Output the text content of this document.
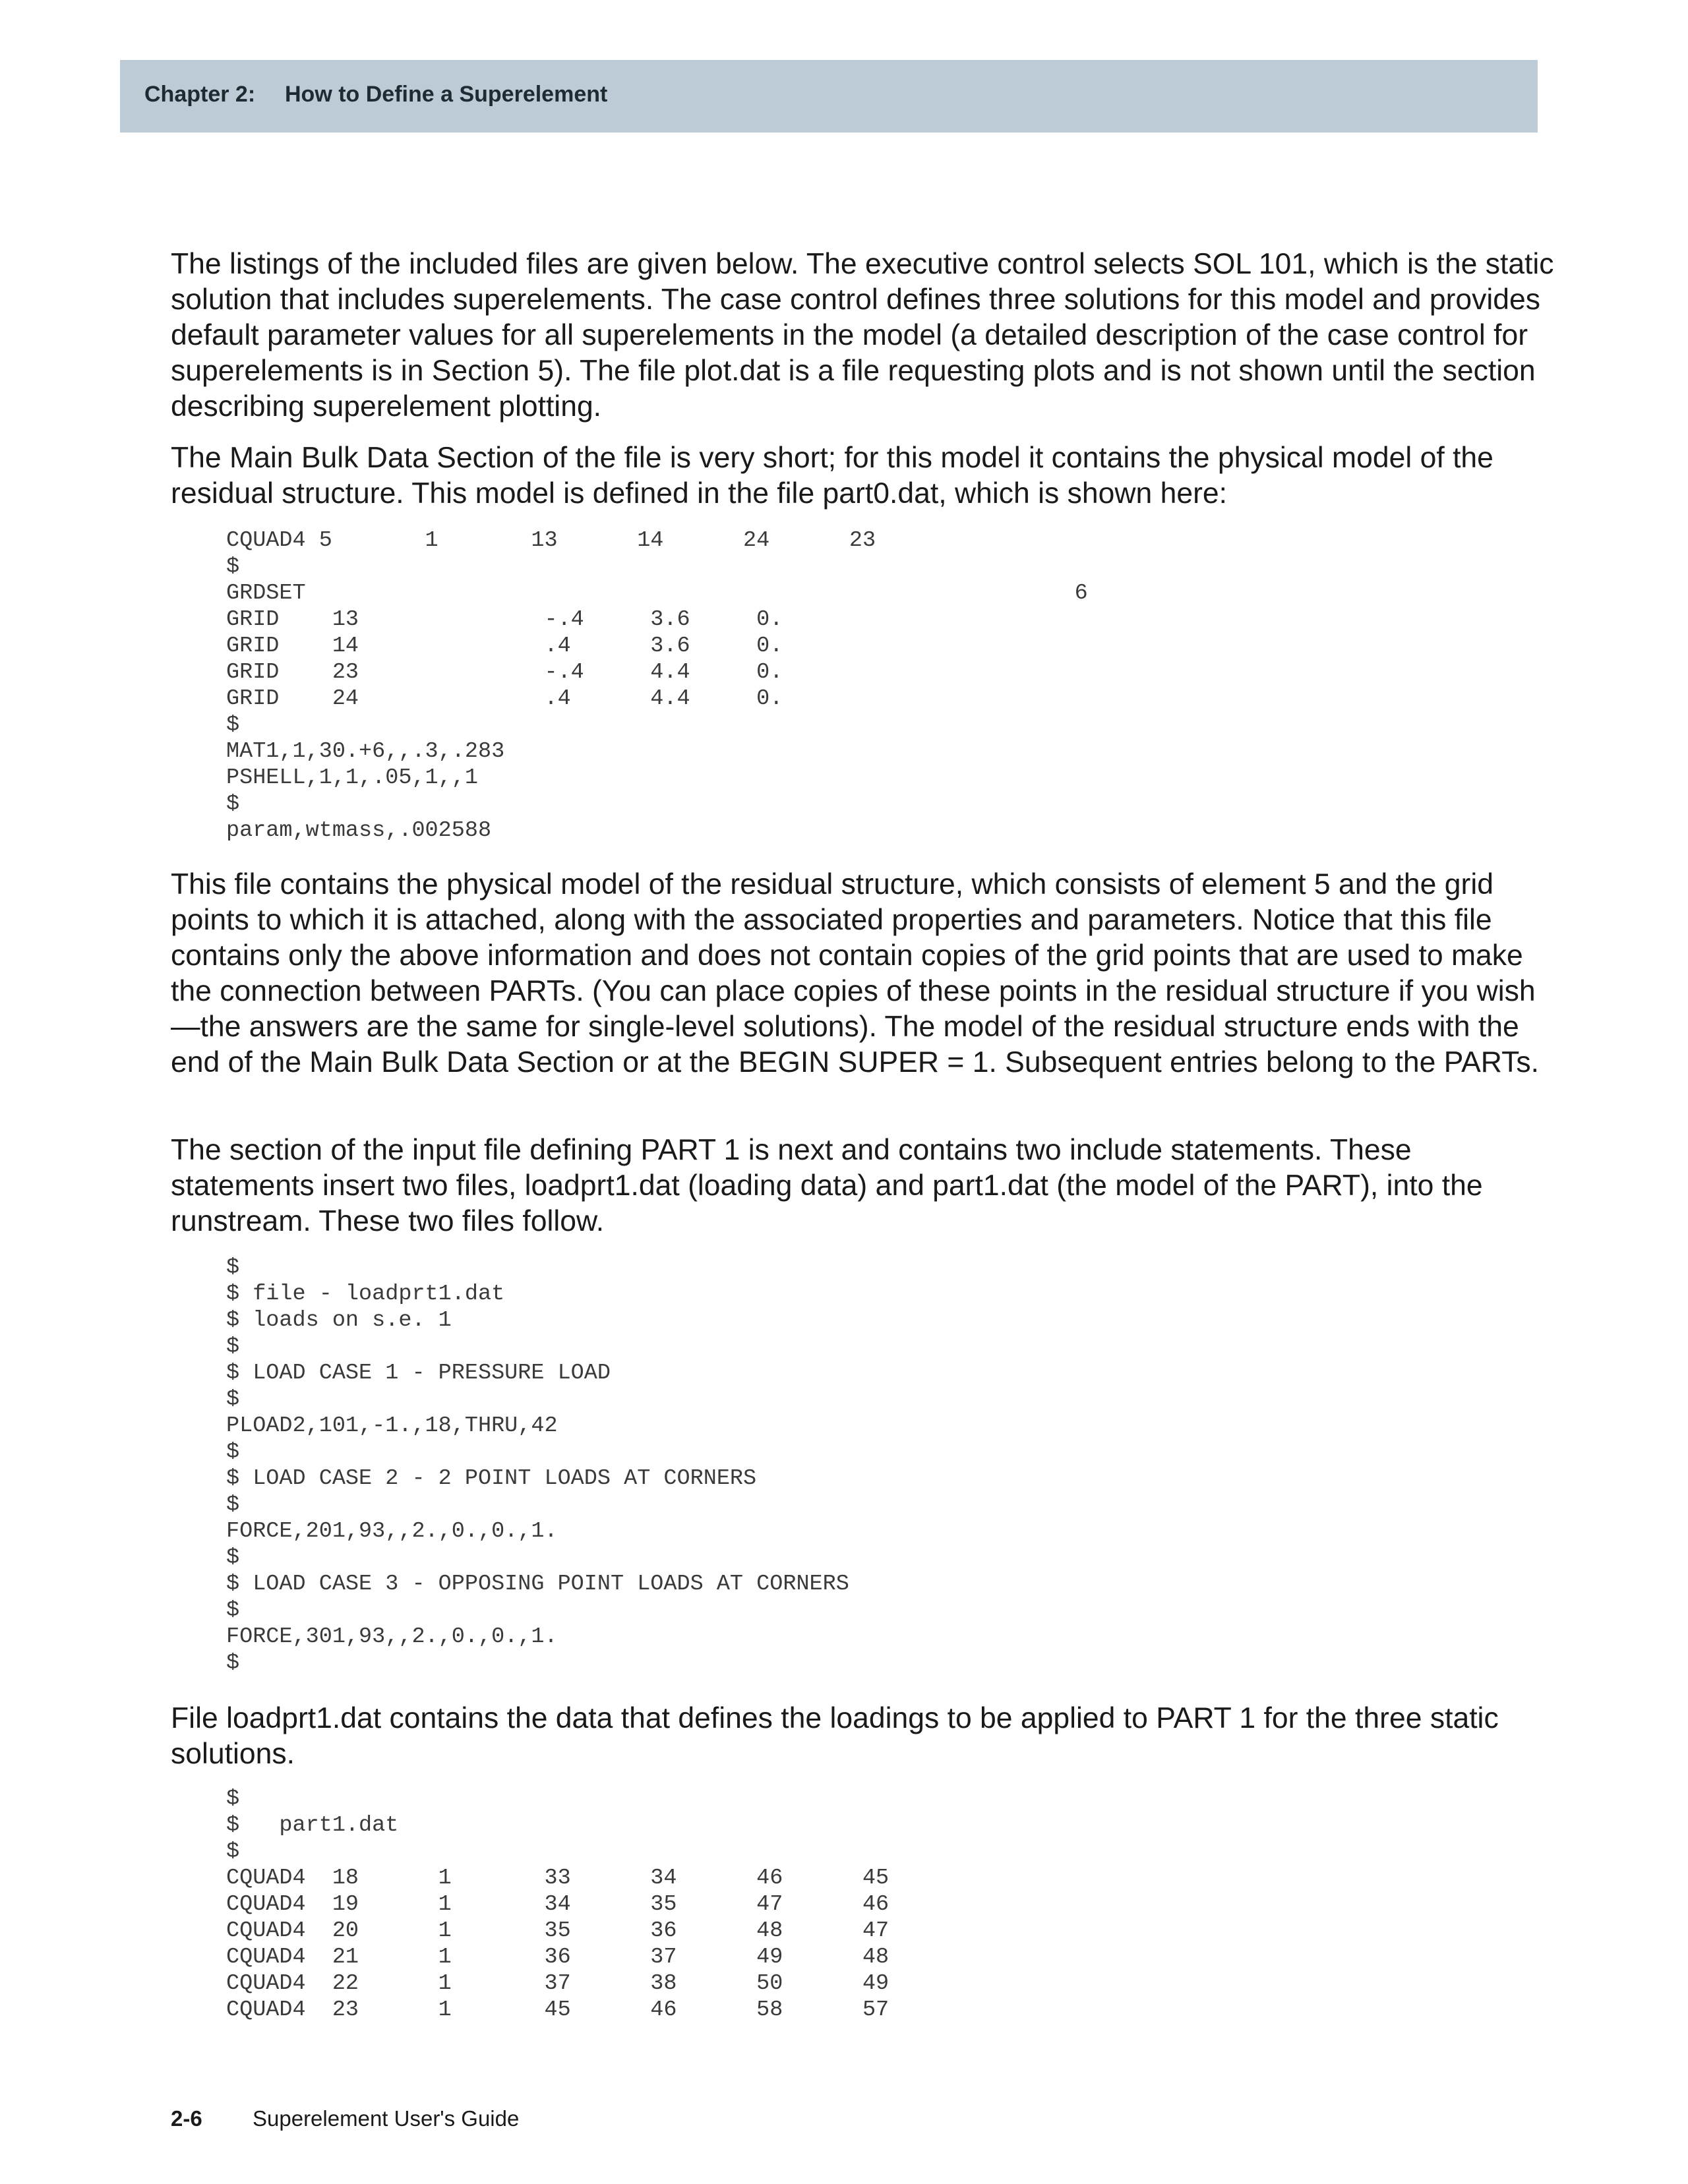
Chapter 2: How to Define a Superelement

The listings of the included files are given below. The executive control selects SOL 101, which is the static solution that includes superelements. The case control defines three solutions for this model and provides default parameter values for all superelements in the model (a detailed description of the case control for superelements is in Section 5). The file plot.dat is a file requesting plots and is not shown until the section describing superelement plotting.

The Main Bulk Data Section of the file is very short; for this model it contains the physical model of the residual structure. This model is defined in the file part0.dat, which is shown here:

CQUAD4 5       1       13      14      24      23
$
GRDSET                                                          6
GRID    13              -.4     3.6     0.
GRID    14              .4      3.6     0.
GRID    23              -.4     4.4     0.
GRID    24              .4      4.4     0.
$
MAT1,1,30.+6,,.3,.283
PSHELL,1,1,.05,1,,1
$
param,wtmass,.002588

This file contains the physical model of the residual structure, which consists of element 5 and the grid points to which it is attached, along with the associated properties and parameters. Notice that this file contains only the above information and does not contain copies of the grid points that are used to make the connection between PARTs. (You can place copies of these points in the residual structure if you wish—the answers are the same for single-level solutions). The model of the residual structure ends with the end of the Main Bulk Data Section or at the BEGIN SUPER = 1. Subsequent entries belong to the PARTs.

The section of the input file defining PART 1 is next and contains two include statements. These statements insert two files, loadprt1.dat (loading data) and part1.dat (the model of the PART), into the runstream. These two files follow.

$
$ file - loadprt1.dat
$ loads on s.e. 1
$
$ LOAD CASE 1 - PRESSURE LOAD
$
PLOAD2,101,-1.,18,THRU,42
$
$ LOAD CASE 2 - 2 POINT LOADS AT CORNERS
$
FORCE,201,93,,2.,0.,0.,1.
$
$ LOAD CASE 3 - OPPOSING POINT LOADS AT CORNERS
$
FORCE,301,93,,2.,0.,0.,1.
$

File loadprt1.dat contains the data that defines the loadings to be applied to PART 1 for the three static solutions.

$
$   part1.dat
$
CQUAD4  18      1       33      34      46      45
CQUAD4  19      1       34      35      47      46
CQUAD4  20      1       35      36      48      47
CQUAD4  21      1       36      37      49      48
CQUAD4  22      1       37      38      50      49
CQUAD4  23      1       45      46      58      57
2-6 Superelement User's Guide
